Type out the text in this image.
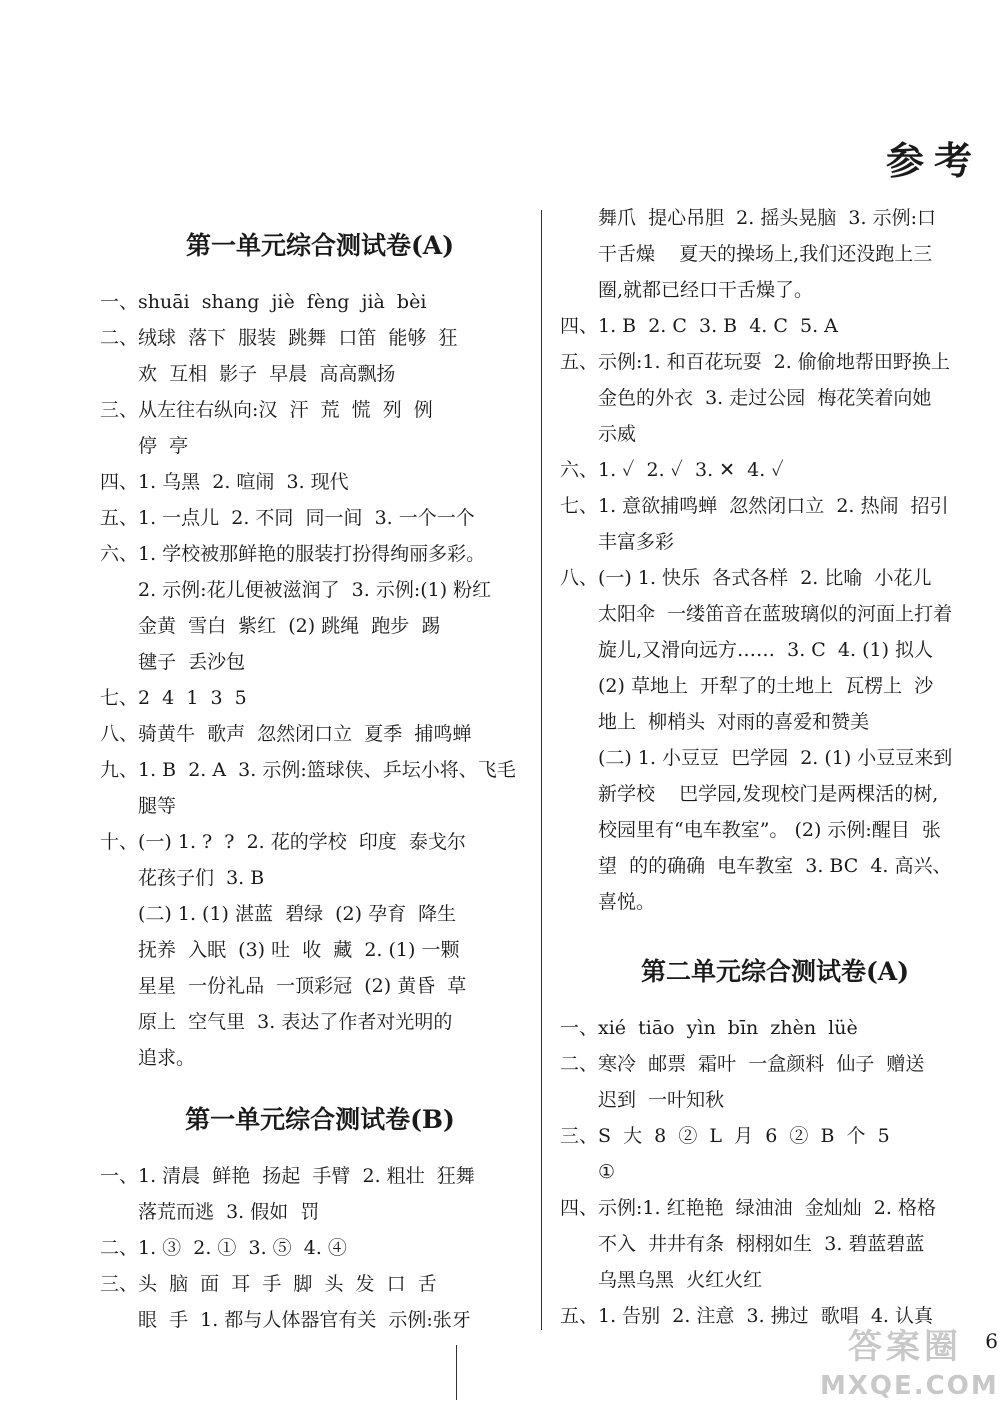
参考
第一单元综合测试卷(A)
一、shuāi  shang  jiè  fèng  jià  bèi
二、绒球  落下  服装  跳舞  口笛  能够  狂
欢  互相  影子  早晨  高高飘扬
三、从左往右纵向:汉  汗  荒  慌  列  例
停  亭
四、1. 乌黑  2. 喧闹  3. 现代
五、1. 一点儿  2. 不同  同一间  3. 一个一个
六、1. 学校被那鲜艳的服装打扮得绚丽多彩。
2. 示例:花儿便被滋润了  3. 示例:(1) 粉红
金黄  雪白  紫红  (2) 跳绳  跑步  踢
毽子  丢沙包
七、2  4  1  3  5
八、骑黄牛  歌声  忽然闭口立  夏季  捕鸣蝉
九、1. B  2. A  3. 示例:篮球侠、乒坛小将、飞毛
腿等
十、(一) 1. ?  ?  2. 花的学校  印度  泰戈尔
花孩子们  3. B
(二) 1. (1) 湛蓝  碧绿  (2) 孕育  降生
抚养  入眠  (3) 吐  收  藏  2. (1) 一颗
星星  一份礼品  一顶彩冠  (2) 黄昏  草
原上  空气里  3. 表达了作者对光明的
追求。
第一单元综合测试卷(B)
一、1. 清晨  鲜艳  扬起  手臂  2. 粗壮  狂舞
落荒而逃  3. 假如  罚
二、1. ③  2. ①  3. ⑤  4. ④
三、头  脑  面  耳  手  脚  头  发  口  舌
眼  手  1. 都与人体器官有关  示例:张牙
舞爪  提心吊胆  2. 摇头晃脑  3. 示例:口
干舌燥    夏天的操场上,我们还没跑上三
圈,就都已经口干舌燥了。
四、1. B  2. C  3. B  4. C  5. A
五、示例:1. 和百花玩耍  2. 偷偷地帮田野换上
金色的外衣  3. 走过公园  梅花笑着向她
示威
六、1. ✓  2. ✓  3. ✕  4. ✓
七、1. 意欲捕鸣蝉  忽然闭口立  2. 热闹  招引
丰富多彩
八、(一) 1. 快乐  各式各样  2. 比喻  小花儿
太阳伞  一缕笛音在蓝玻璃似的河面上打着
旋儿,又滑向远方……  3. C  4. (1) 拟人
(2) 草地上  开犁了的土地上  瓦楞上  沙
地上  柳梢头  对雨的喜爱和赞美
(二) 1. 小豆豆  巴学园  2. (1) 小豆豆来到
新学校    巴学园,发现校门是两棵活的树,
校园里有“电车教室”。 (2) 示例:醒目  张
望  的的确确  电车教室  3. BC  4. 高兴、
喜悦。
第二单元综合测试卷(A)
一、xié  tiāo  yìn  bīn  zhèn  lüè
二、寒冷  邮票  霜叶  一盒颜料  仙子  赠送
迟到  一叶知秋
三、S  大  8  ②  L  月  6  ②  B  个  5
①
四、示例:1. 红艳艳  绿油油  金灿灿  2. 格格
不入  井井有条  栩栩如生  3. 碧蓝碧蓝
乌黑乌黑  火红火红
五、1. 告别  2. 注意  3. 拂过  歌唱  4. 认真
6
答案圈
MXQE.COM
